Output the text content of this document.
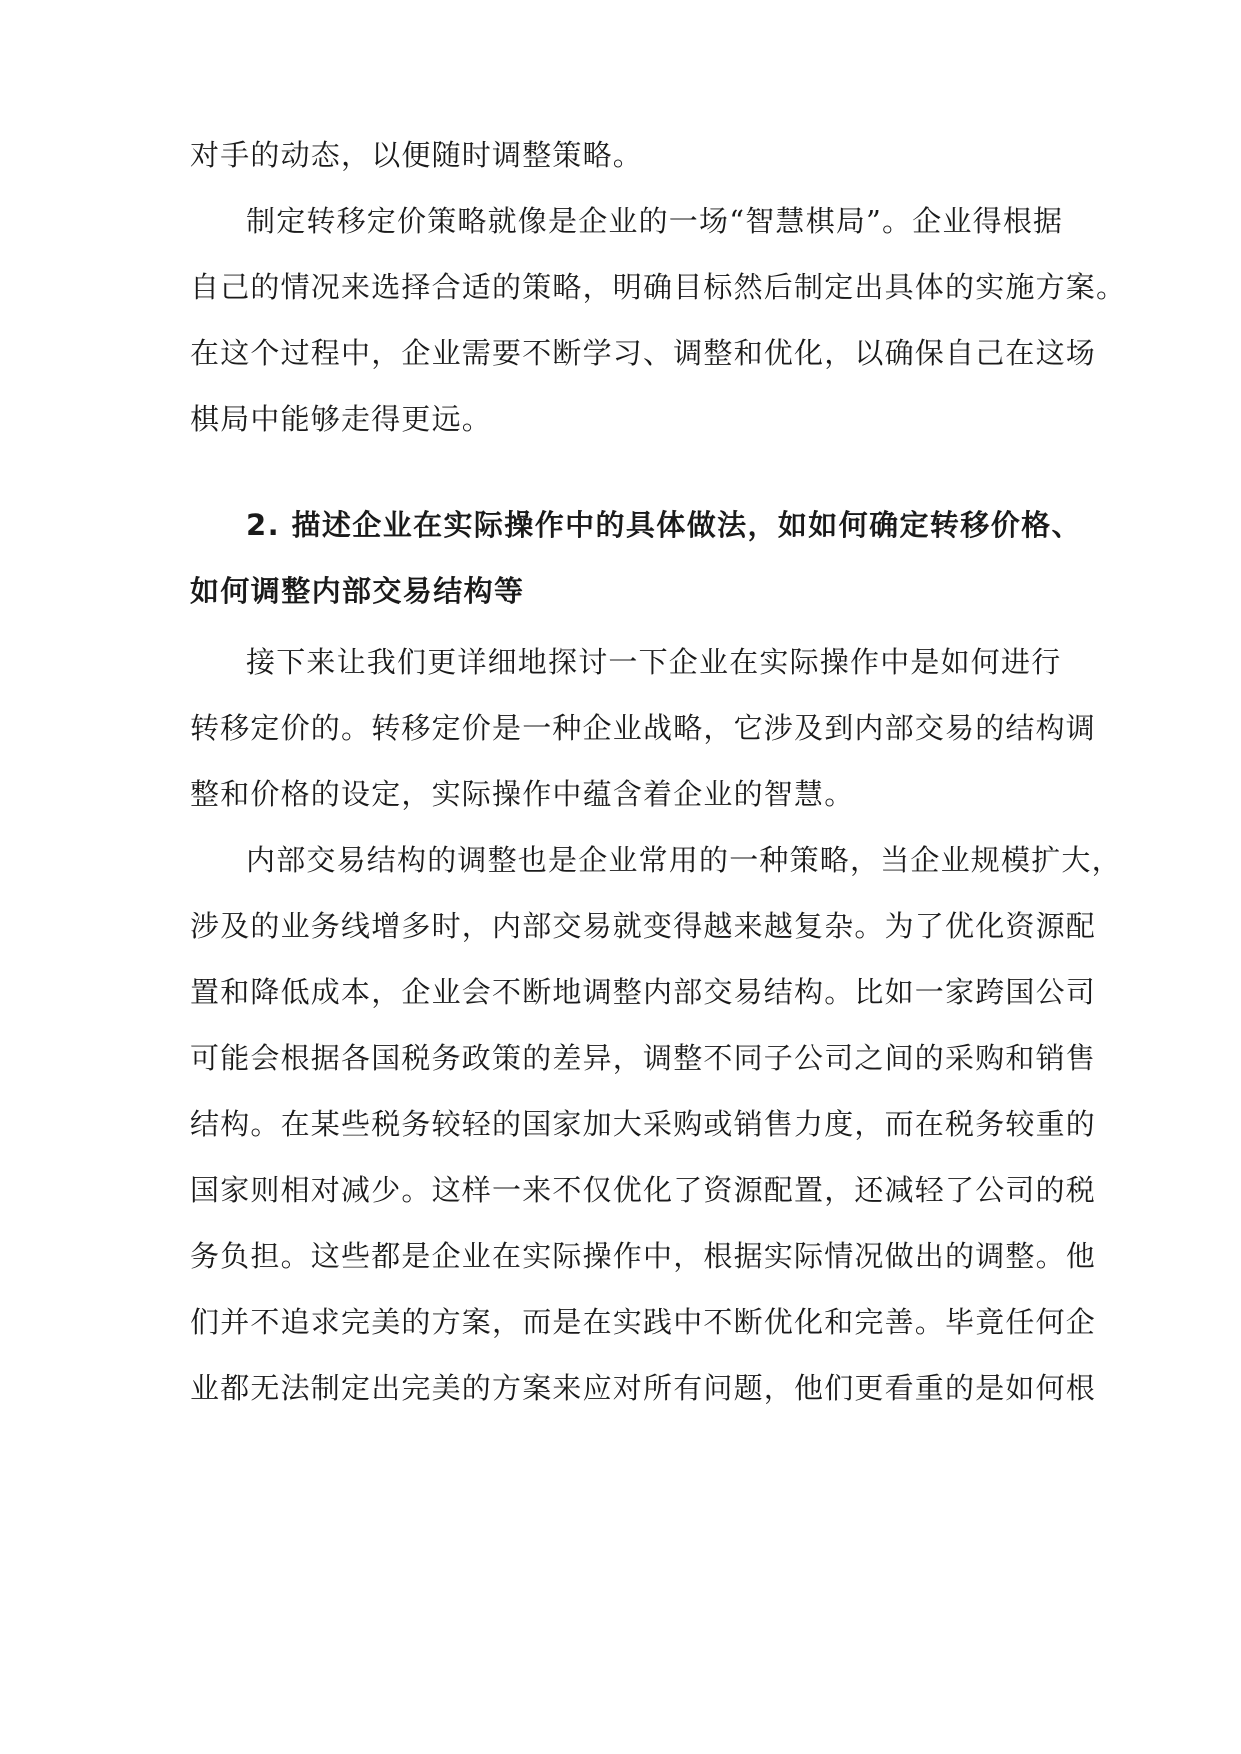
对手的动态，以便随时调整策略。
制定转移定价策略就像是企业的一场“智慧棋局”。企业得根据
自己的情况来选择合适的策略，明确目标然后制定出具体的实施方案。
在这个过程中，企业需要不断学习、调整和优化，以确保自己在这场
棋局中能够走得更远。
2. 描述企业在实际操作中的具体做法，如如何确定转移价格、
如何调整内部交易结构等
接下来让我们更详细地探讨一下企业在实际操作中是如何进行
转移定价的。转移定价是一种企业战略，它涉及到内部交易的结构调
整和价格的设定，实际操作中蕴含着企业的智慧。
内部交易结构的调整也是企业常用的一种策略，当企业规模扩大，
涉及的业务线增多时，内部交易就变得越来越复杂。为了优化资源配
置和降低成本，企业会不断地调整内部交易结构。比如一家跨国公司
可能会根据各国税务政策的差异，调整不同子公司之间的采购和销售
结构。在某些税务较轻的国家加大采购或销售力度，而在税务较重的
国家则相对减少。这样一来不仅优化了资源配置，还减轻了公司的税
务负担。这些都是企业在实际操作中，根据实际情况做出的调整。他
们并不追求完美的方案，而是在实践中不断优化和完善。毕竟任何企
业都无法制定出完美的方案来应对所有问题，他们更看重的是如何根
